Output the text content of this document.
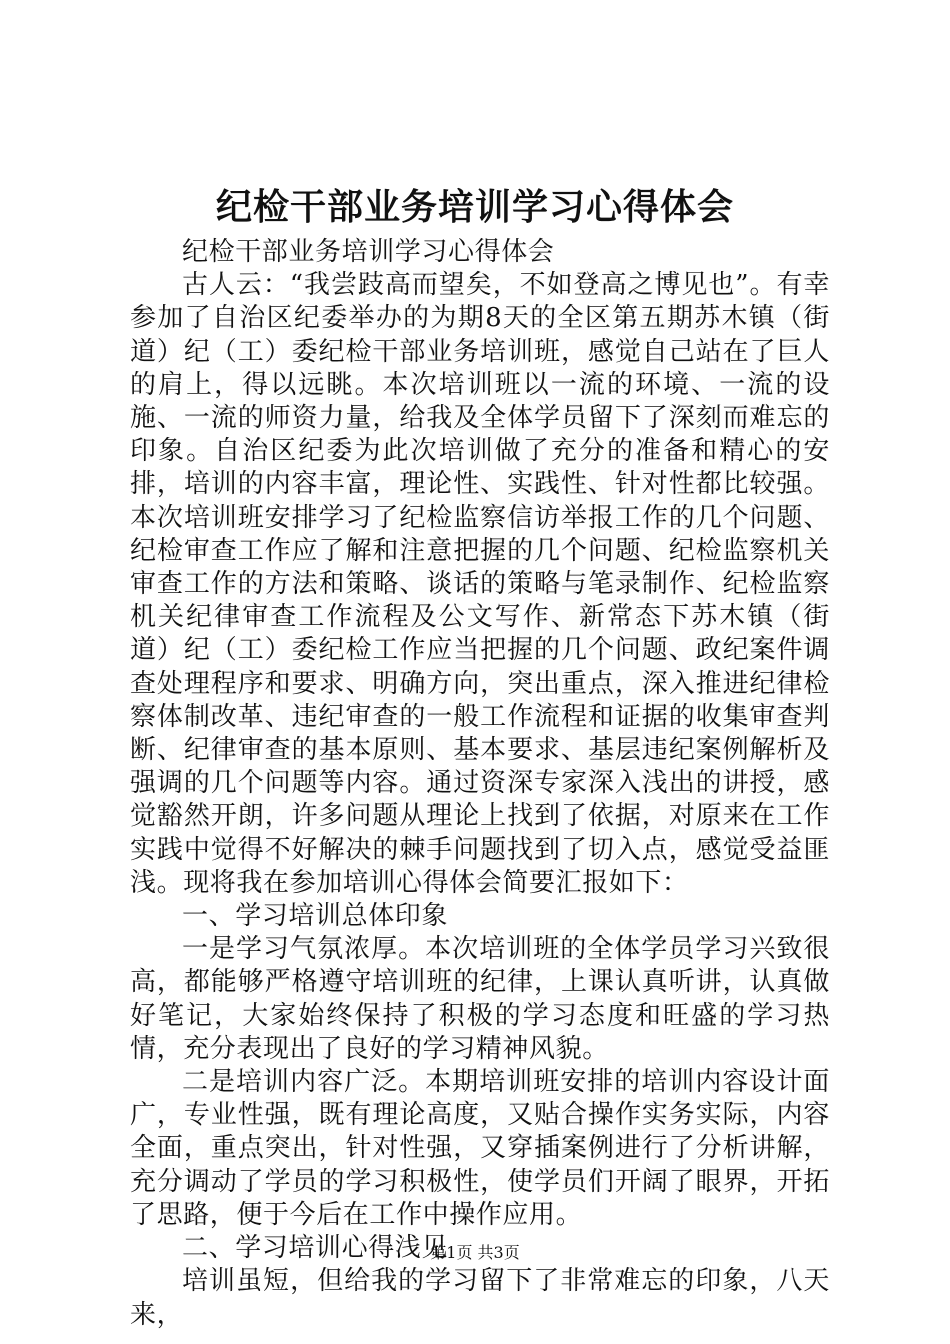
纪检干部业务培训学习心得体会

纪检干部业务培训学习心得体会

古人云：“我尝跂高而望矣，不如登高之博见也”。有幸参加了自治区纪委举办的为期8天的全区第五期苏木镇（街道）纪（工）委纪检干部业务培训班，感觉自己站在了巨人的肩上，得以远眺。本次培训班以一流的环境、一流的设施、一流的师资力量，给我及全体学员留下了深刻而难忘的印象。自治区纪委为此次培训做了充分的准备和精心的安排，培训的内容丰富，理论性、实践性、针对性都比较强。本次培训班安排学习了纪检监察信访举报工作的几个问题、纪检审查工作应了解和注意把握的几个问题、纪检监察机关审查工作的方法和策略、谈话的策略与笔录制作、纪检监察机关纪律审查工作流程及公文写作、新常态下苏木镇（街道）纪（工）委纪检工作应当把握的几个问题、政纪案件调查处理程序和要求、明确方向，突出重点，深入推进纪律检察体制改革、违纪审查的一般工作流程和证据的收集审查判断、纪律审查的基本原则、基本要求、基层违纪案例解析及强调的几个问题等内容。通过资深专家深入浅出的讲授，感觉豁然开朗，许多问题从理论上找到了依据，对原来在工作实践中觉得不好解决的棘手问题找到了切入点，感觉受益匪浅。现将我在参加培训心得体会简要汇报如下：

一、学习培训总体印象

一是学习气氛浓厚。本次培训班的全体学员学习兴致很高，都能够严格遵守培训班的纪律，上课认真听讲，认真做好笔记，大家始终保持了积极的学习态度和旺盛的学习热情，充分表现出了良好的学习精神风貌。

二是培训内容广泛。本期培训班安排的培训内容设计面广，专业性强，既有理论高度，又贴合操作实务实际，内容全面，重点突出，针对性强，又穿插案例进行了分析讲解，充分调动了学员的学习积极性，使学员们开阔了眼界，开拓了思路，便于今后在工作中操作应用。

二、学习培训心得浅见

培训虽短，但给我的学习留下了非常难忘的印象，八天来，

第1页 共3页
